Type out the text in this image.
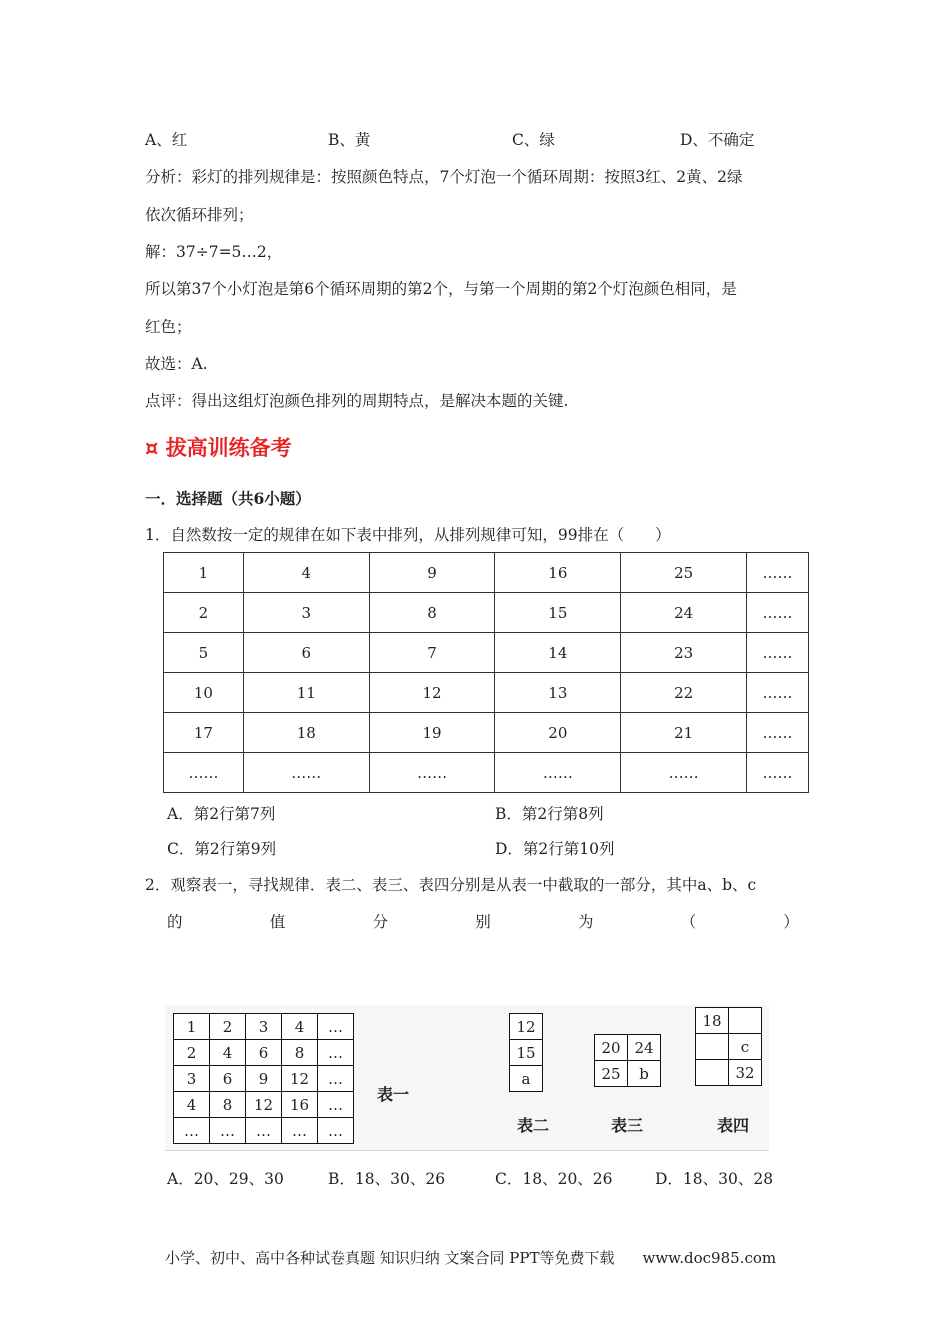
A、红	B、黄	C、绿	D、不确定
分析：彩灯的排列规律是：按照颜色特点，7个灯泡一个循环周期：按照3红、2黄、2绿
依次循环排列；
解：37÷7=5…2，
所以第37个小灯泡是第6个循环周期的第2个，与第一个周期的第2个灯泡颜色相同，是
红色；
故选：A.
点评：得出这组灯泡颜色排列的周期特点，是解决本题的关键.
¤ 拔高训练备考
一．选择题（共6小题）
1．自然数按一定的规律在如下表中排列，从排列规律可知，99排在（　　）
1	4	9	16	25	……
2	3	8	15	24	……
5	6	7	14	23	……
10	11	12	13	22	……
17	18	19	20	21	……
……	……	……	……	……	……
A．第2行第7列	B．第2行第8列
C．第2行第9列	D．第2行第10列
2．观察表一，寻找规律．表二、表三、表四分别是从表一中截取的一部分，其中a、b、c
的	值	分	别	为	（	）
1	2	3	4	…
2	4	6	8	…
3	6	9	12	…
4	8	12	16	…
…	…	…	…	…
表一
12
15
a
表二
20	24
25	b
表三
18	
	c
	32
表四
A．20、29、30	B．18、30、26	C．18、20、26	D．18、30、28
小学、初中、高中各种试卷真题 知识归纳 文案合同 PPT等免费下载 www.doc985.com
